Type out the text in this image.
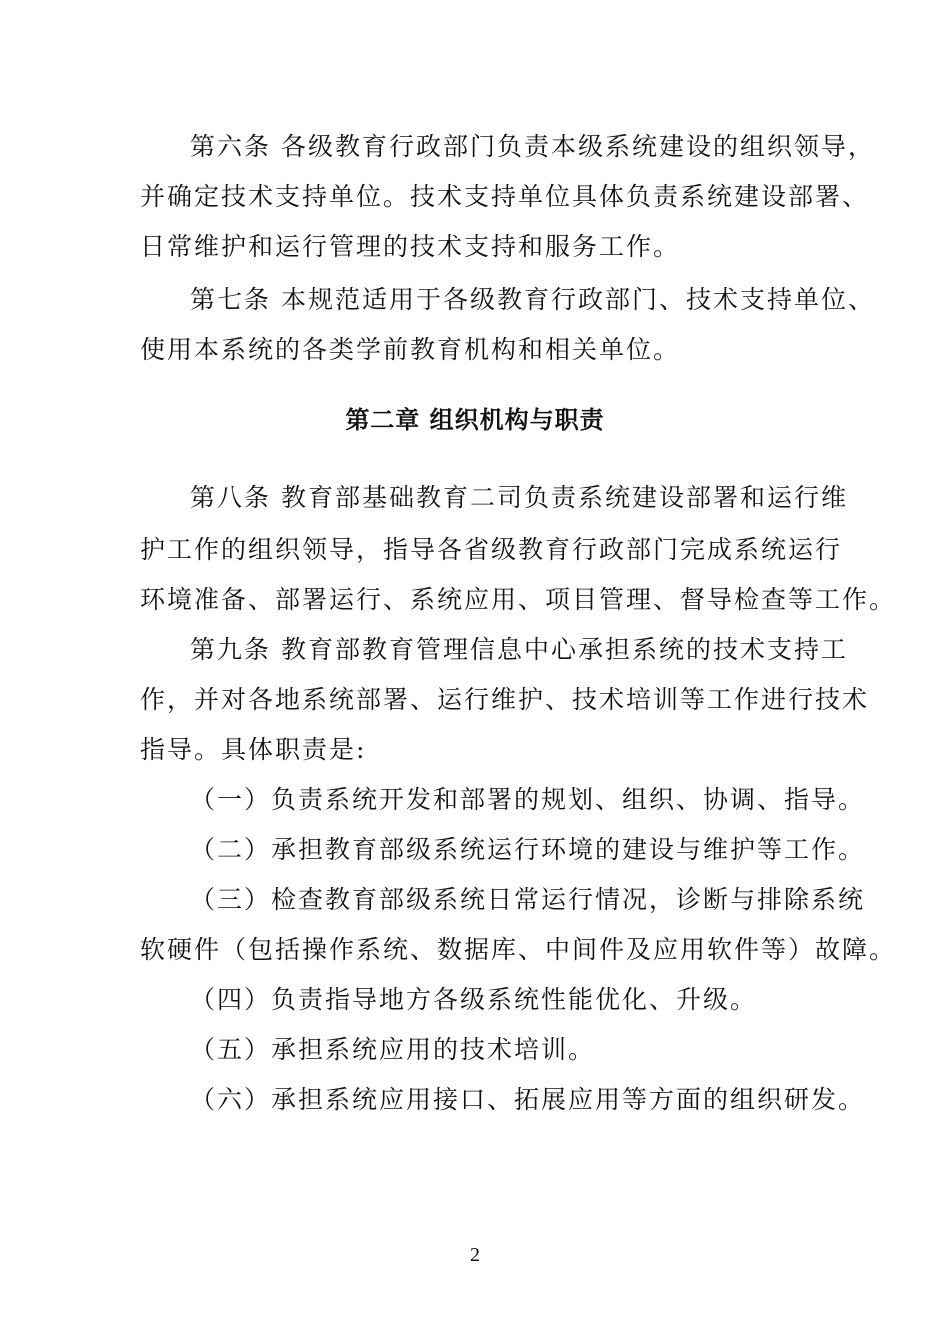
第六条 各级教育行政部门负责本级系统建设的组织领导，
并确定技术支持单位。技术支持单位具体负责系统建设部署、
日常维护和运行管理的技术支持和服务工作。
第七条 本规范适用于各级教育行政部门、技术支持单位、
使用本系统的各类学前教育机构和相关单位。
第二章 组织机构与职责
第八条 教育部基础教育二司负责系统建设部署和运行维
护工作的组织领导，指导各省级教育行政部门完成系统运行
环境准备、部署运行、系统应用、项目管理、督导检查等工作。
第九条 教育部教育管理信息中心承担系统的技术支持工
作，并对各地系统部署、运行维护、技术培训等工作进行技术
指导。具体职责是:
（一）负责系统开发和部署的规划、组织、协调、指导。
（二）承担教育部级系统运行环境的建设与维护等工作。
（三）检查教育部级系统日常运行情况，诊断与排除系统
软硬件（包括操作系统、数据库、中间件及应用软件等）故障。
（四）负责指导地方各级系统性能优化、升级。
（五）承担系统应用的技术培训。
（六）承担系统应用接口、拓展应用等方面的组织研发。
2
